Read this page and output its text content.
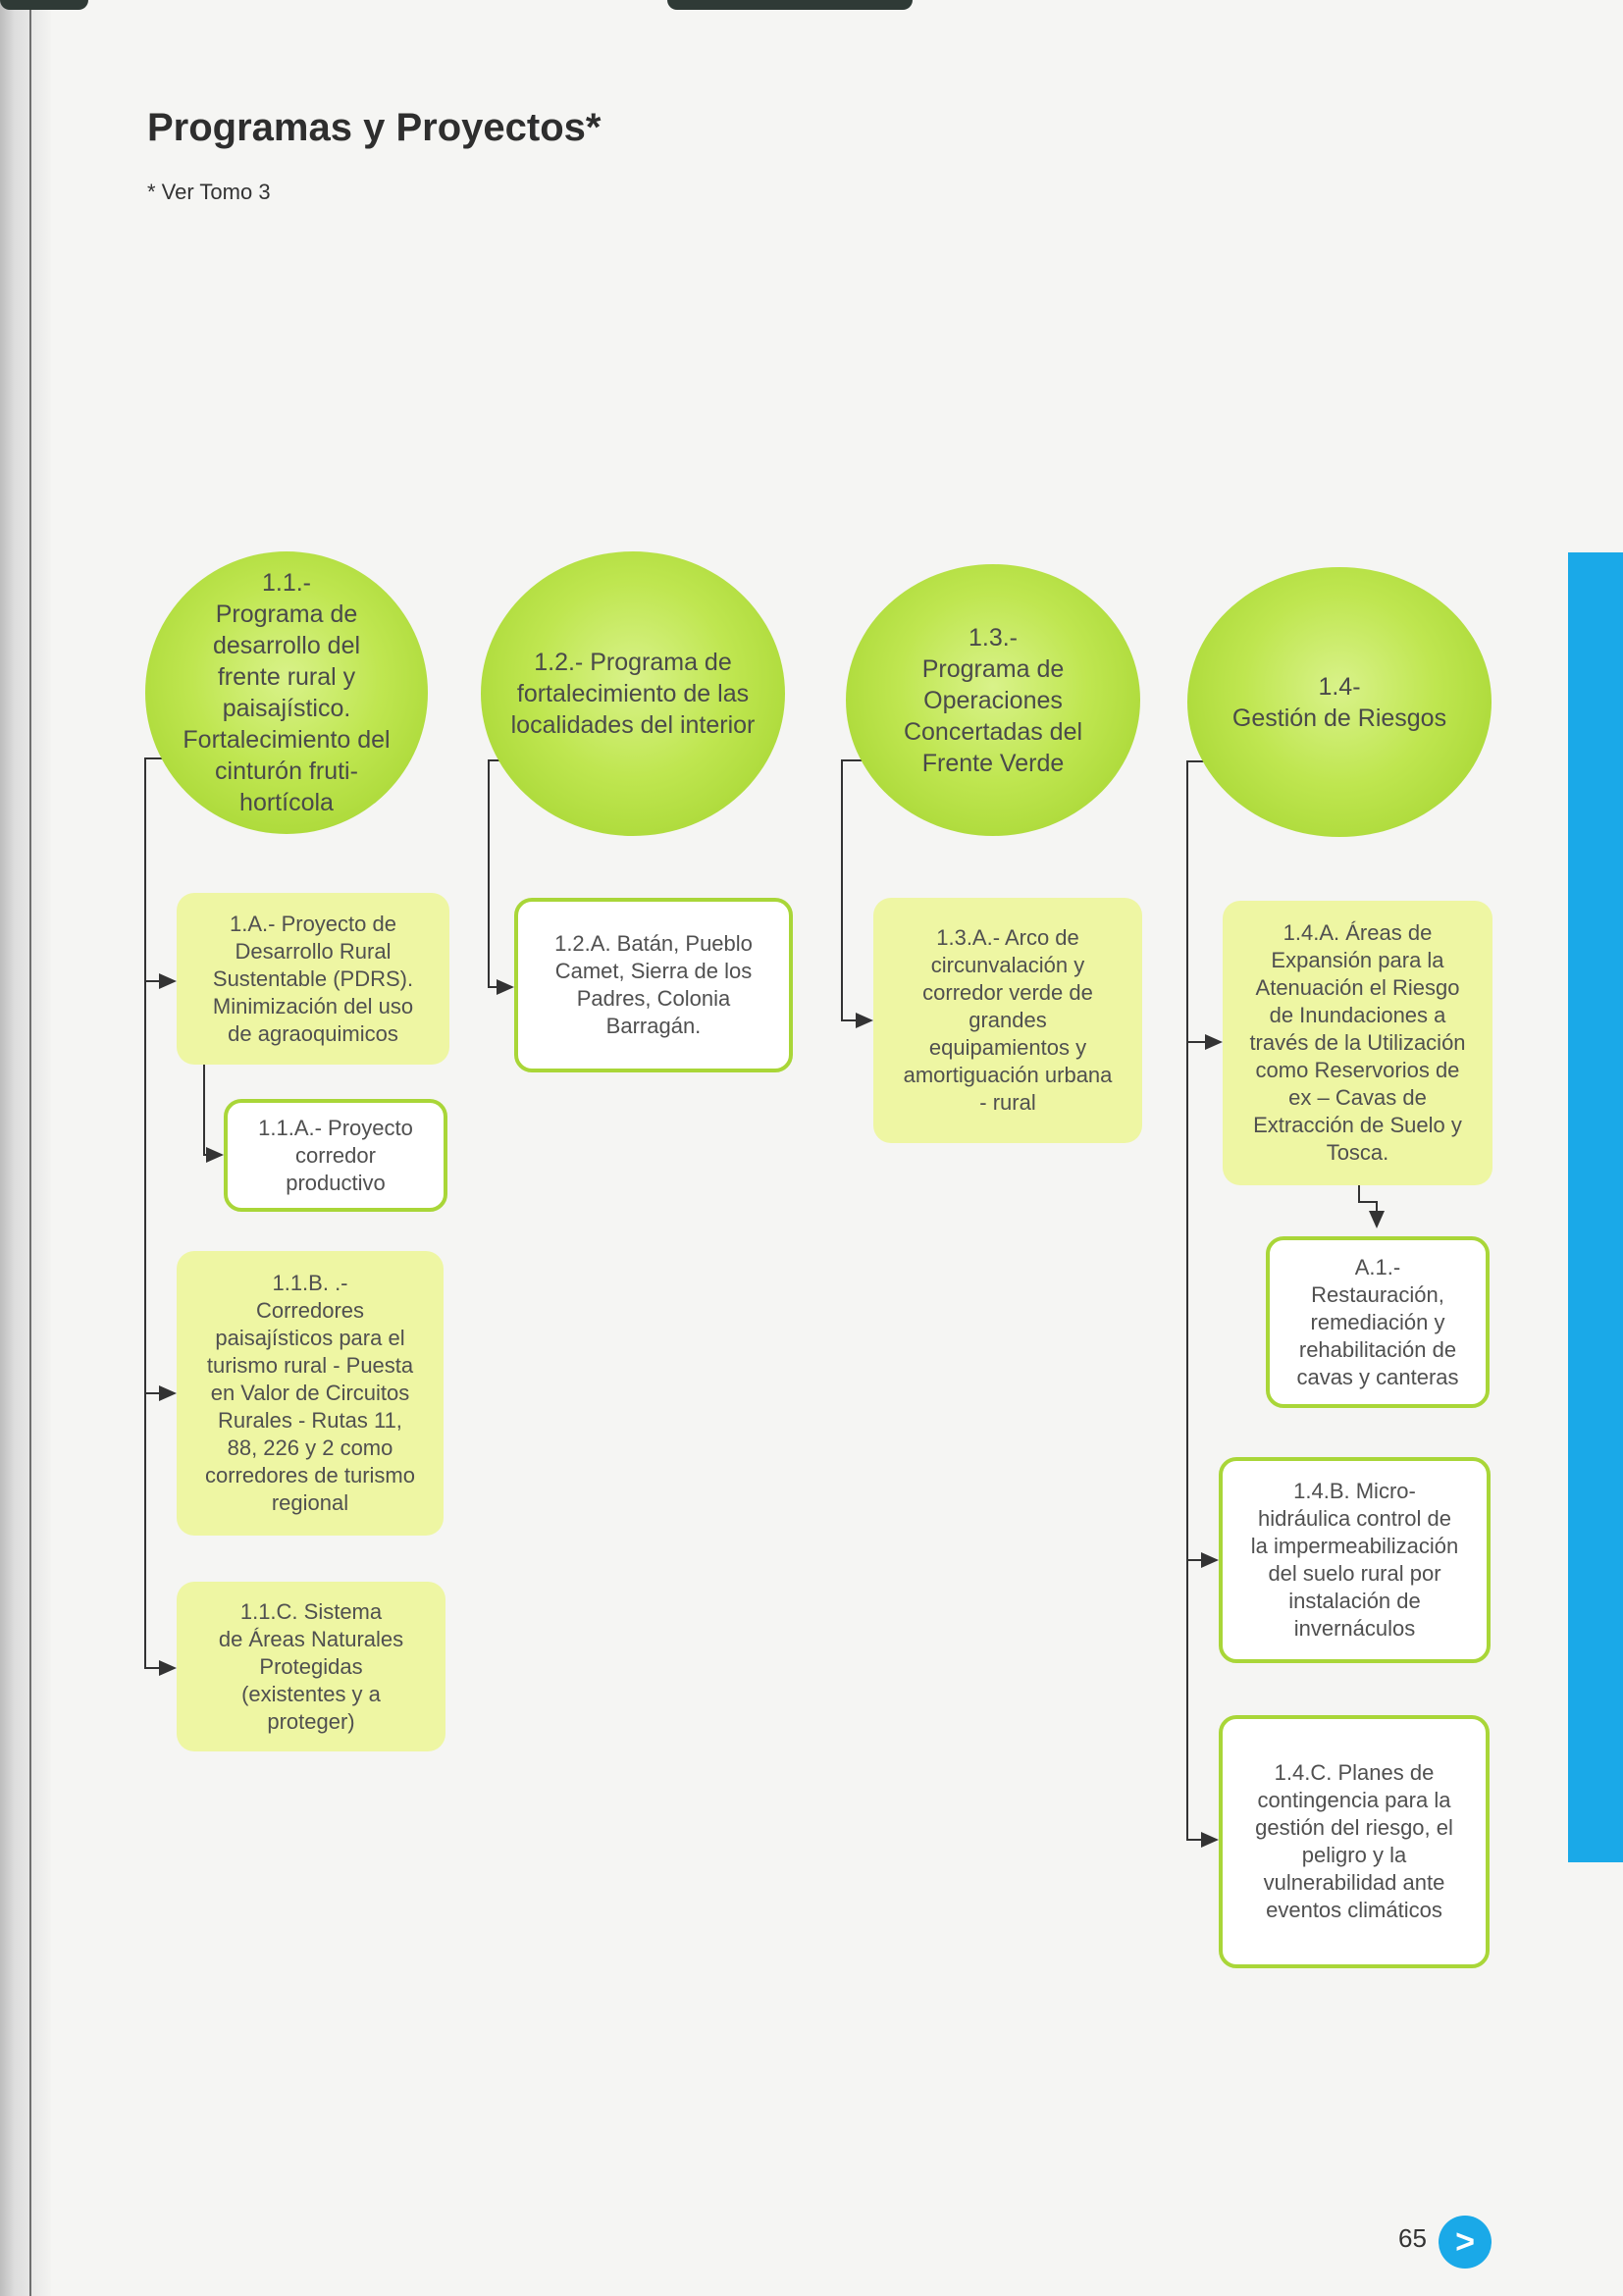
Programas y Proyectos*
* Ver Tomo 3
1.1.-
Programa de
desarrollo del
frente rural y
paisajístico.
Fortalecimiento del
cinturón fruti-
hortícola
1.2.- Programa de
fortalecimiento de las
localidades del interior
1.3.-
Programa de
Operaciones
Concertadas del
Frente Verde
1.4-
Gestión de Riesgos
1.A.- Proyecto de
Desarrollo Rural
Sustentable (PDRS).
Minimización del uso
de agraoquimicos
1.1.A.- Proyecto
corredor
productivo
1.1.B. .-
Corredores
paisajísticos para el
turismo rural - Puesta
en Valor de Circuitos
Rurales - Rutas 11,
88, 226 y 2 como
corredores de turismo
regional
1.1.C. Sistema
de Áreas Naturales
Protegidas
(existentes y a
proteger)
1.2.A. Batán, Pueblo
Camet, Sierra de los
Padres, Colonia
Barragán.
1.3.A.- Arco de
circunvalación y
corredor verde de
grandes
equipamientos y
amortiguación urbana
- rural
1.4.A. Áreas de
Expansión para la
Atenuación el Riesgo
de Inundaciones a
través de la Utilización
como Reservorios de
ex – Cavas de
Extracción de Suelo y
Tosca.
A.1.-
Restauración,
remediación y
rehabilitación de
cavas y canteras
1.4.B. Micro-
hidráulica control de
la impermeabilización
del suelo rural por
instalación de
invernáculos
1.4.C. Planes de
contingencia para la
gestión del riesgo, el
peligro y la
vulnerabilidad ante
eventos climáticos
65 >
